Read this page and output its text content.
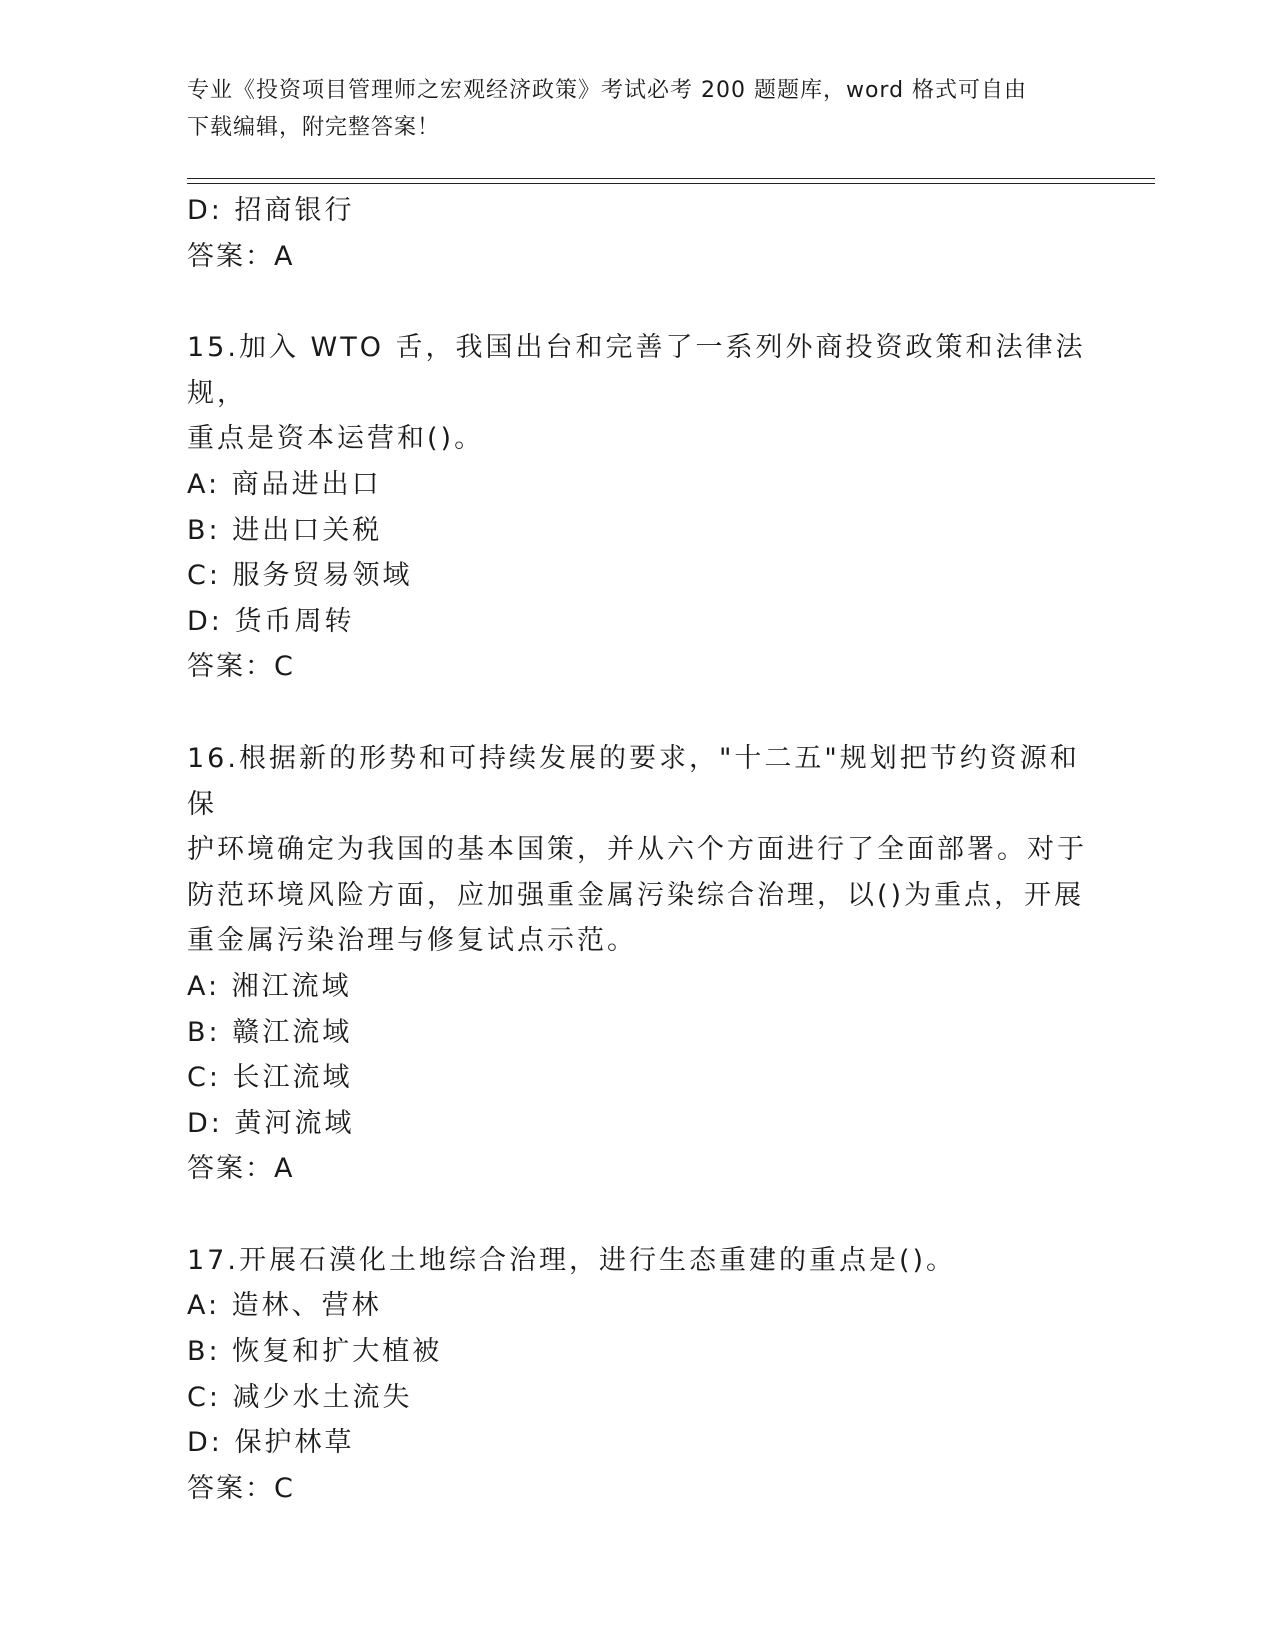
专业《投资项目管理师之宏观经济政策》考试必考 200 题题库，word 格式可自由
下载编辑，附完整答案！
D: 招商银行
答案：A
15.加入 WTO 舌，我国出台和完善了一系列外商投资政策和法律法规，
重点是资本运营和()。
A: 商品进出口
B: 进出口关税
C: 服务贸易领域
D: 货币周转
答案：C
16.根据新的形势和可持续发展的要求，"十二五"规划把节约资源和保
护环境确定为我国的基本国策，并从六个方面进行了全面部署。对于
防范环境风险方面，应加强重金属污染综合治理，以()为重点，开展
重金属污染治理与修复试点示范。
A: 湘江流域
B: 赣江流域
C: 长江流域
D: 黄河流域
答案：A
17.开展石漠化土地综合治理，进行生态重建的重点是()。
A: 造林、营林
B: 恢复和扩大植被
C: 减少水土流失
D: 保护林草
答案：C
